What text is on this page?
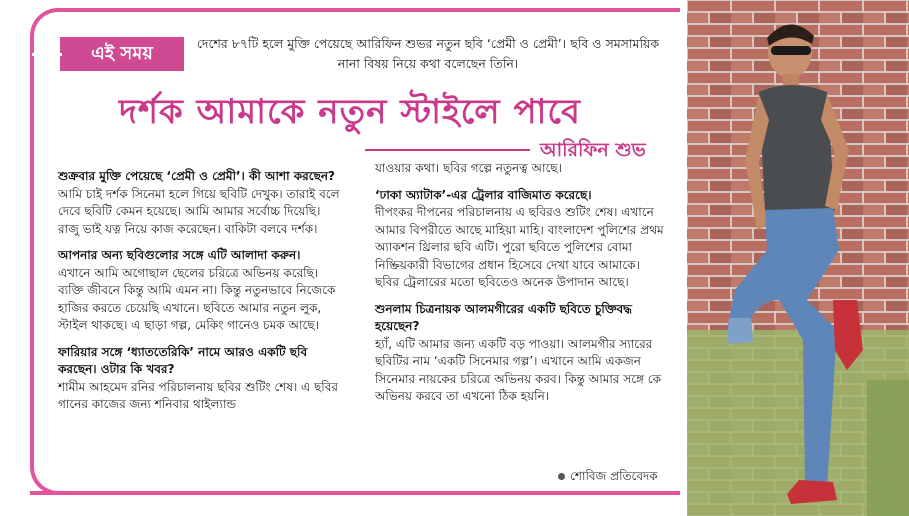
এই সময়	দেশের ৮৭টি হলে মুক্তি পেয়েছে আরিফিন শুভর নতুন ছবি ‘প্রেমী ও প্রেমী’। ছবি ও সমসাময়িক নানা বিষয় নিয়ে কথা বলেছেন তিনি।
দর্শক আমাকে নতুন স্টাইলে পাবে
আরিফিন শুভ

শুক্রবার মুক্তি পেয়েছে ‘প্রেমী ও প্রেমী’। কী আশা করছেন?
আমি চাই দর্শক সিনেমা হলে গিয়ে ছবিটি দেখুক। তারাই বলে দেবে ছবিটি কেমন হয়েছে। আমি আমার সর্বোচ্চ দিয়েছি। রাজু ভাই যত্ন নিয়ে কাজ করেছেন। বাকিটা বলবে দর্শক।

আপনার অন্য ছবিগুলোর সঙ্গে এটি আলাদা করুন।
এখানে আমি অগোছাল ছেলের চরিত্রে অভিনয় করেছি। ব্যক্তি জীবনে কিন্তু আমি এমন না। কিন্তু নতুনভাবে নিজেকে হাজির করতে চেয়েছি এখানে। ছবিতে আমার নতুন লুক, স্টাইল থাকছে। এ ছাড়া গল্প, মেকিং গানেও চমক আছে।

ফারিয়ার সঙ্গে ‘ধ্যাততেরিকি’ নামে আরও একটি ছবি করছেন। ওটার কি খবর?
শামীম আহমেদ রনির পরিচালনায় ছবির শুটিং শেষ। এ ছবির গানের কাজের জন্য শনিবার থাইল্যান্ড

যাওয়ার কথা। ছবির গল্পে নতুনত্ব আছে।

‘ঢাকা অ্যাটাক’-এর ট্রেলার বাজিমাত করেছে।
দীপংকর দীপনের পরিচালনায় এ ছবিরও শুটিং শেষ। এখানে আমার বিপরীতে আছে মাহিয়া মাহি। বাংলাদেশ পুলিশের প্রথম অ্যাকশন থ্রিলার ছবি এটি। পুরো ছবিতে পুলিশের বোমা নিষ্ক্রিয়কারী বিভাগের প্রধান হিসেবে দেখা যাবে আমাকে। ছবির ট্রেলারের মতো ছবিতেও অনেক উপাদান আছে।

শুনলাম চিত্রনায়ক আলমগীরের একটি ছবিতে চুক্তিবদ্ধ হয়েছেন?
হ্যাঁ, এটি আমার জন্য একটি বড় পাওয়া। আলমগীর স্যারের ছবিটির নাম ‘একটি সিনেমার গল্প’। এখানে আমি একজন সিনেমার নায়কের চরিত্রে অভিনয় করব। কিন্তু আমার সঙ্গে কে অভিনয় করবে তা এখনো ঠিক হয়নি।

শোবিজ প্রতিবেদক
